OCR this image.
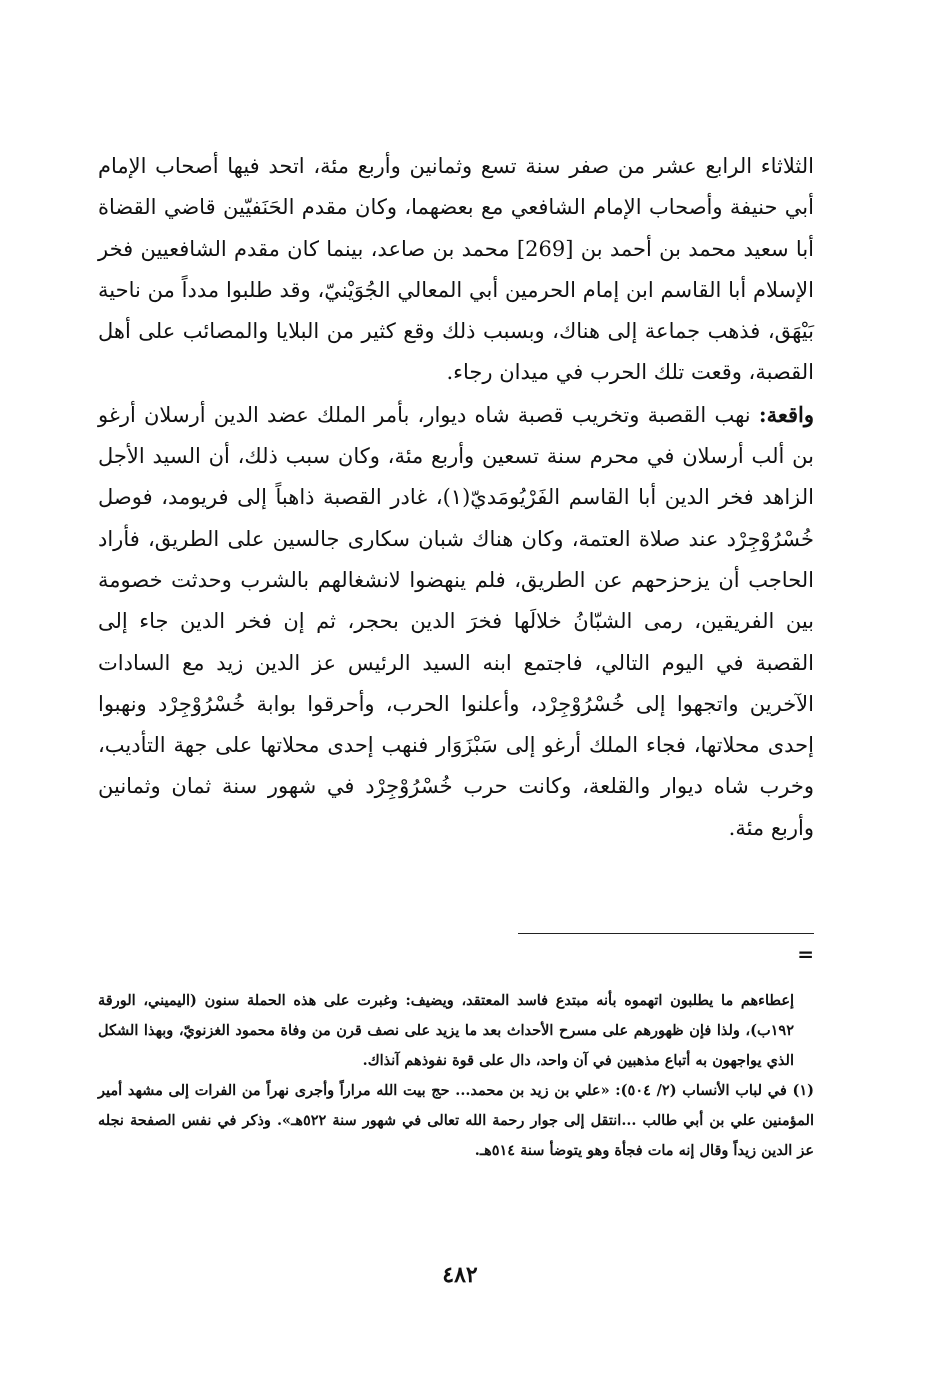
الثلاثاء الرابع عشر من صفر سنة تسع وثمانين وأربع مئة، اتحد فيها أصحاب الإمام أبي حنيفة وأصحاب الإمام الشافعي مع بعضهما، وكان مقدم الحَنَفيّين قاضي القضاة أبا سعيد محمد بن أحمد بن [269] محمد بن صاعد، بينما كان مقدم الشافعيين فخر الإسلام أبا القاسم ابن إمام الحرمين أبي المعالي الجُوَيْنيّ، وقد طلبوا مدداً من ناحية بَيْهَق، فذهب جماعة إلى هناك، وبسبب ذلك وقع كثير من البلايا والمصائب على أهل القصبة، وقعت تلك الحرب في ميدان رجاء.

واقعة: نهب القصبة وتخريب قصبة شاه ديوار، بأمر الملك عضد الدين أرسلان أرغو بن ألب أرسلان في محرم سنة تسعين وأربع مئة، وكان سبب ذلك، أن السيد الأجل الزاهد فخر الدين أبا القاسم الفَرْيُومَديّ(١)، غادر القصبة ذاهباً إلى فريومد، فوصل خُسْرُوْجِرْد عند صلاة العتمة، وكان هناك شبان سكارى جالسين على الطريق، فأراد الحاجب أن يزحزحهم عن الطريق، فلم ينهضوا لانشغالهم بالشرب وحدثت خصومة بين الفريقين، رمى الشبّانُ خلالَها فخرَ الدين بحجر، ثم إن فخر الدين جاء إلى القصبة في اليوم التالي، فاجتمع ابنه السيد الرئيس عز الدين زيد مع السادات الآخرين واتجهوا إلى خُسْرُوْجِرْد، وأعلنوا الحرب، وأحرقوا بوابة خُسْرُوْجِرْد ونهبوا إحدى محلاتها، فجاء الملك أرغو إلى سَبْزَوَار فنهب إحدى محلاتها على جهة التأديب، وخرب شاه ديوار والقلعة، وكانت حرب خُسْرُوْجِرْد في شهور سنة ثمان وثمانين وأربع مئة.

=

إعطاءهم ما يطلبون اتهموه بأنه مبتدع فاسد المعتقد، ويضيف: وغبرت على هذه الحملة سنون (اليميني، الورقة ١٩٢ب)، ولذا فإن ظهورهم على مسرح الأحداث بعد ما يزيد على نصف قرن من وفاة محمود الغزنويّ، وبهذا الشكل الذي يواجهون به أتباع مذهبين في آن واحد، دال على قوة نفوذهم آنذاك.

(١) في لباب الأنساب (٢/ ٥٠٤): «علي بن زيد بن محمد... حج بيت الله مراراً وأجرى نهراً من الفرات إلى مشهد أمير المؤمنين علي بن أبي طالب ...انتقل إلى جوار رحمة الله تعالى في شهور سنة ٥٢٢هـ». وذكر في نفس الصفحة نجله عز الدين زيداً وقال إنه مات فجأة وهو يتوضأ سنة ٥١٤هـ.

٤٨٢
